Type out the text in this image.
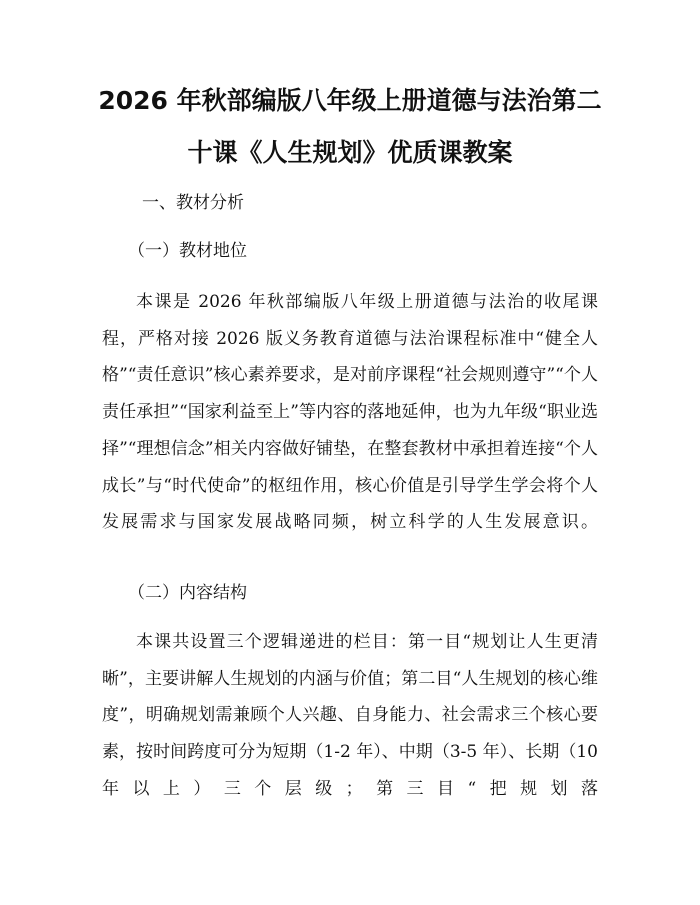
2026 年秋部编版八年级上册道德与法治第二
十课《人生规划》优质课教案
一、教材分析
（一）教材地位
本课是 2026 年秋部编版八年级上册道德与法治的收尾课程，严格对接 2026 版义务教育道德与法治课程标准中“健全人格”“责任意识”核心素养要求，是对前序课程“社会规则遵守”“个人责任承担”“国家利益至上”等内容的落地延伸，也为九年级“职业选择”“理想信念”相关内容做好铺垫，在整套教材中承担着连接“个人成长”与“时代使命”的枢纽作用，核心价值是引导学生学会将个人发展需求与国家发展战略同频，树立科学的人生发展意识。
（二）内容结构
本课共设置三个逻辑递进的栏目：第一目“规划让人生更清晰”，主要讲解人生规划的内涵与价值；第二目“人生规划的核心维度”，明确规划需兼顾个人兴趣、自身能力、社会需求三个核心要素，按时间跨度可分为短期（1-2 年）、中期（3-5 年）、长期（10 年以上）三个层级；第三目“把规划落
